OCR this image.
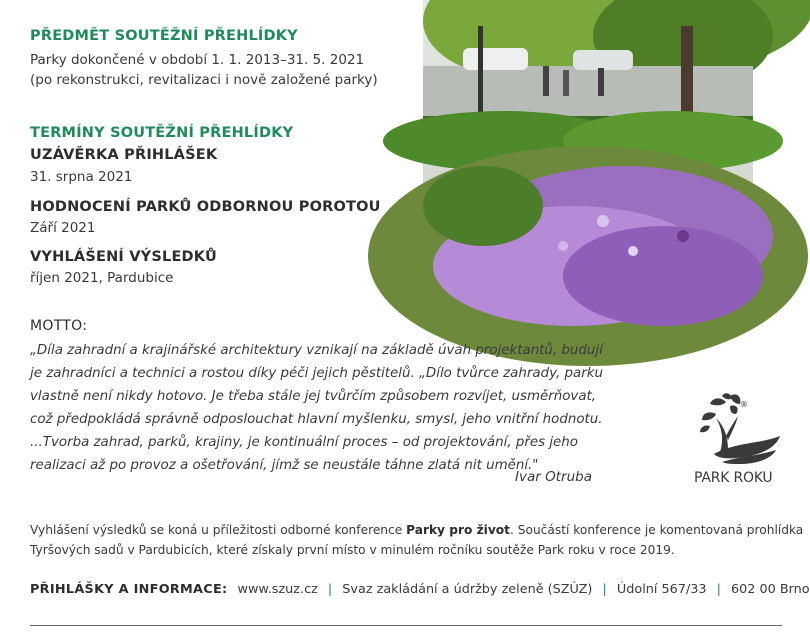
PŘEDMĚT SOUTĚŽNÍ PŘEHLÍDKY

Parky dokončené v období 1. 1. 2013–31. 5. 2021

(po rekonstrukci, revitalizaci i nově založené parky)

TERMÍNY SOUTĚŽNÍ PŘEHLÍDKY
UZÁVĚRKA PŘIHLÁŠEK

31. srpna 2021

HODNOCENÍ PARKŮ ODBORNOU POROTOU

Září 2021

VYHLÁŠENÍ VÝSLEDKŮ

říjen 2021, Pardubice

MOTTO:
„Díla zahradní a krajinářské architektury vznikají na základě úvah projektantů, budují
je zahradníci a technici a rostou díky péči jejich pěstitelů. „Dílo tvůrce zahrady, parku
vlastně není nikdy hotovo. Je třeba stále jej tvůrčím způsobem rozvíjet, usměrňovat,
což předpokládá správně odposlouchat hlavní myšlenku, smysl, jeho vnitřní hodnotu.
...Tvorba zahrad, parků, krajiny, je kontinuální proces – od projektování, přes jeho
realizaci až po provoz a ošetřování, jímž se neustále táhne zlatá nit umění."
Ivar Otruba
®
PARK ROKU
Vyhlášení výsledků se koná u příležitosti odborné konference Parky pro život. Součástí konference je komentovaná prohlídka
Tyršových sadů v Pardubicích, které získaly první místo v minulém ročníku soutěže Park roku v roce 2019.
PŘIHLÁŠKY A INFORMACE: www.szuz.cz | Svaz zakládání a údržby zeleně (SZÚZ) | Údolní 567/33 | 602 00 Brno
